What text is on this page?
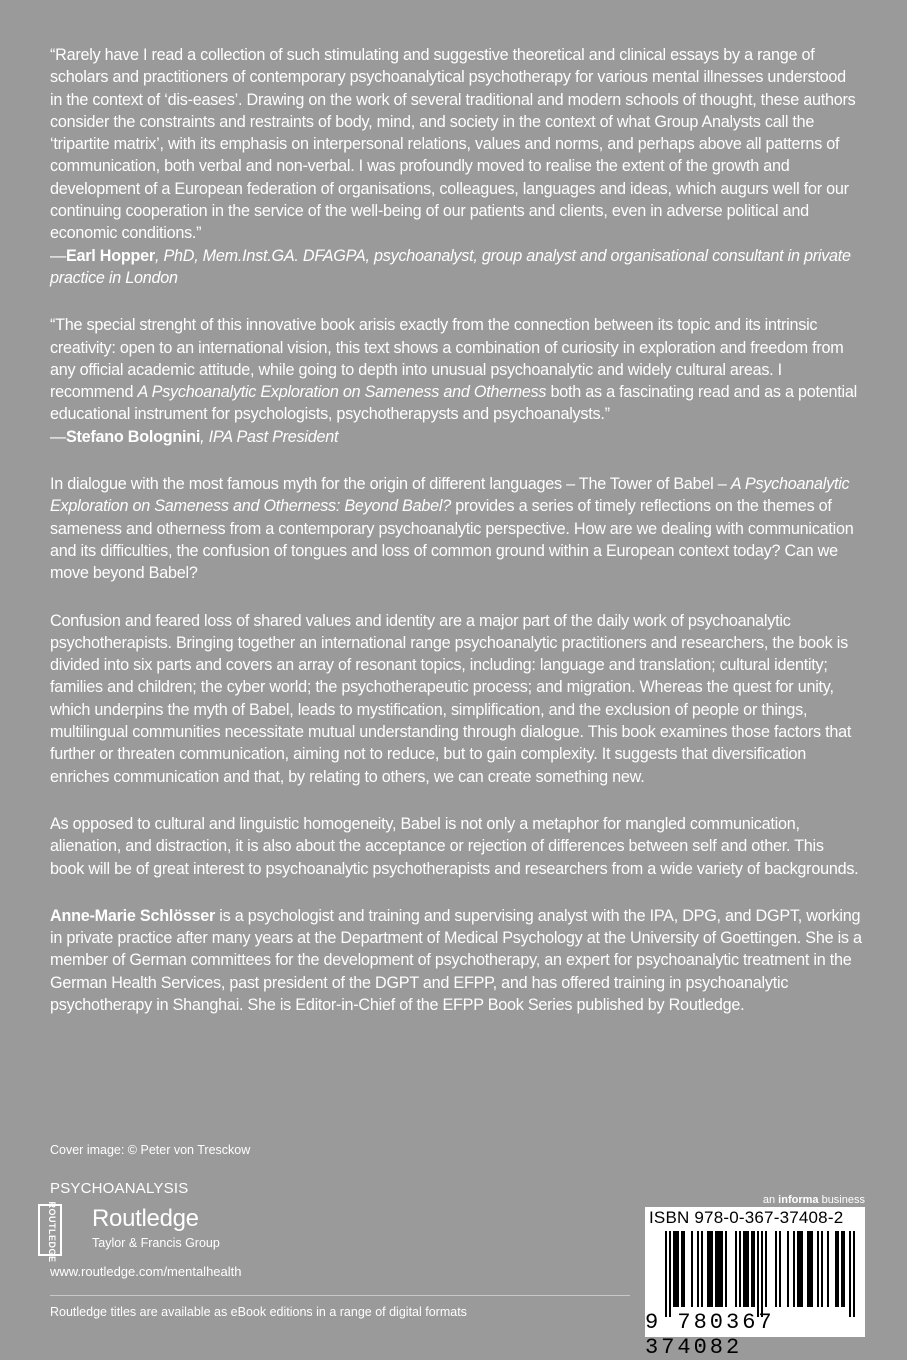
“Rarely have I read a collection of such stimulating and suggestive theoretical and clinical essays by a range of scholars and practitioners of contemporary psychoanalytical psychotherapy for various mental illnesses understood in the context of ‘dis-eases’. Drawing on the work of several traditional and modern schools of thought, these authors consider the constraints and restraints of body, mind, and society in the context of what Group Analysts call the ‘tripartite matrix’, with its emphasis on interpersonal relations, values and norms, and perhaps above all patterns of communication, both verbal and non-verbal. I was profoundly moved to realise the extent of the growth and development of a European federation of organisations, colleagues, languages and ideas, which augurs well for our continuing cooperation in the service of the well-being of our patients and clients, even in adverse political and economic conditions.”
—Earl Hopper, PhD, Mem.Inst.GA. DFAGPA, psychoanalyst, group analyst and organisational consultant in private practice in London

“The special strenght of this innovative book arisis exactly from the connection between its topic and its intrinsic creativity: open to an international vision, this text shows a combination of curiosity in exploration and freedom from any official academic attitude, while going to depth into unusual psychoanalytic and widely cultural areas. I recommend A Psychoanalytic Exploration on Sameness and Otherness both as a fascinating read and as a potential educational instrument for psychologists, psychotherapysts and psychoanalysts.”
—Stefano Bolognini, IPA Past President

In dialogue with the most famous myth for the origin of different languages – The Tower of Babel – A Psychoanalytic Exploration on Sameness and Otherness: Beyond Babel? provides a series of timely reflections on the themes of sameness and otherness from a contemporary psychoanalytic perspective. How are we dealing with communication and its difficulties, the confusion of tongues and loss of common ground within a European context today? Can we move beyond Babel?

Confusion and feared loss of shared values and identity are a major part of the daily work of psychoanalytic psychotherapists. Bringing together an international range psychoanalytic practitioners and researchers, the book is divided into six parts and covers an array of resonant topics, including: language and translation; cultural identity; families and children; the cyber world; the psychotherapeutic process; and migration. Whereas the quest for unity, which underpins the myth of Babel, leads to mystification, simplification, and the exclusion of people or things, multilingual communities necessitate mutual understanding through dialogue. This book examines those factors that further or threaten communication, aiming not to reduce, but to gain complexity. It suggests that diversification enriches communication and that, by relating to others, we can create something new.

As opposed to cultural and linguistic homogeneity, Babel is not only a metaphor for mangled communication, alienation, and distraction, it is also about the acceptance or rejection of differences between self and other. This book will be of great interest to psychoanalytic psychotherapists and researchers from a wide variety of backgrounds.

Anne-Marie Schlösser is a psychologist and training and supervising analyst with the IPA, DPG, and DGPT, working in private practice after many years at the Department of Medical Psychology at the University of Goettingen. She is a member of German committees for the development of psychotherapy, an expert for psychoanalytic treatment in the German Health Services, past president of the DGPT and EFPP, and has offered training in psychoanalytic psychotherapy in Shanghai. She is Editor-in-Chief of the EFPP Book Series published by Routledge.

Cover image: © Peter von Tresckow
PSYCHOANALYSIS
ROUTLEDGE Routledge
Taylor & Francis Group
www.routledge.com/mentalhealth
Routledge titles are available as eBook editions in a range of digital formats
an informa business
ISBN 978-0-367-37408-2
9 780367 374082
